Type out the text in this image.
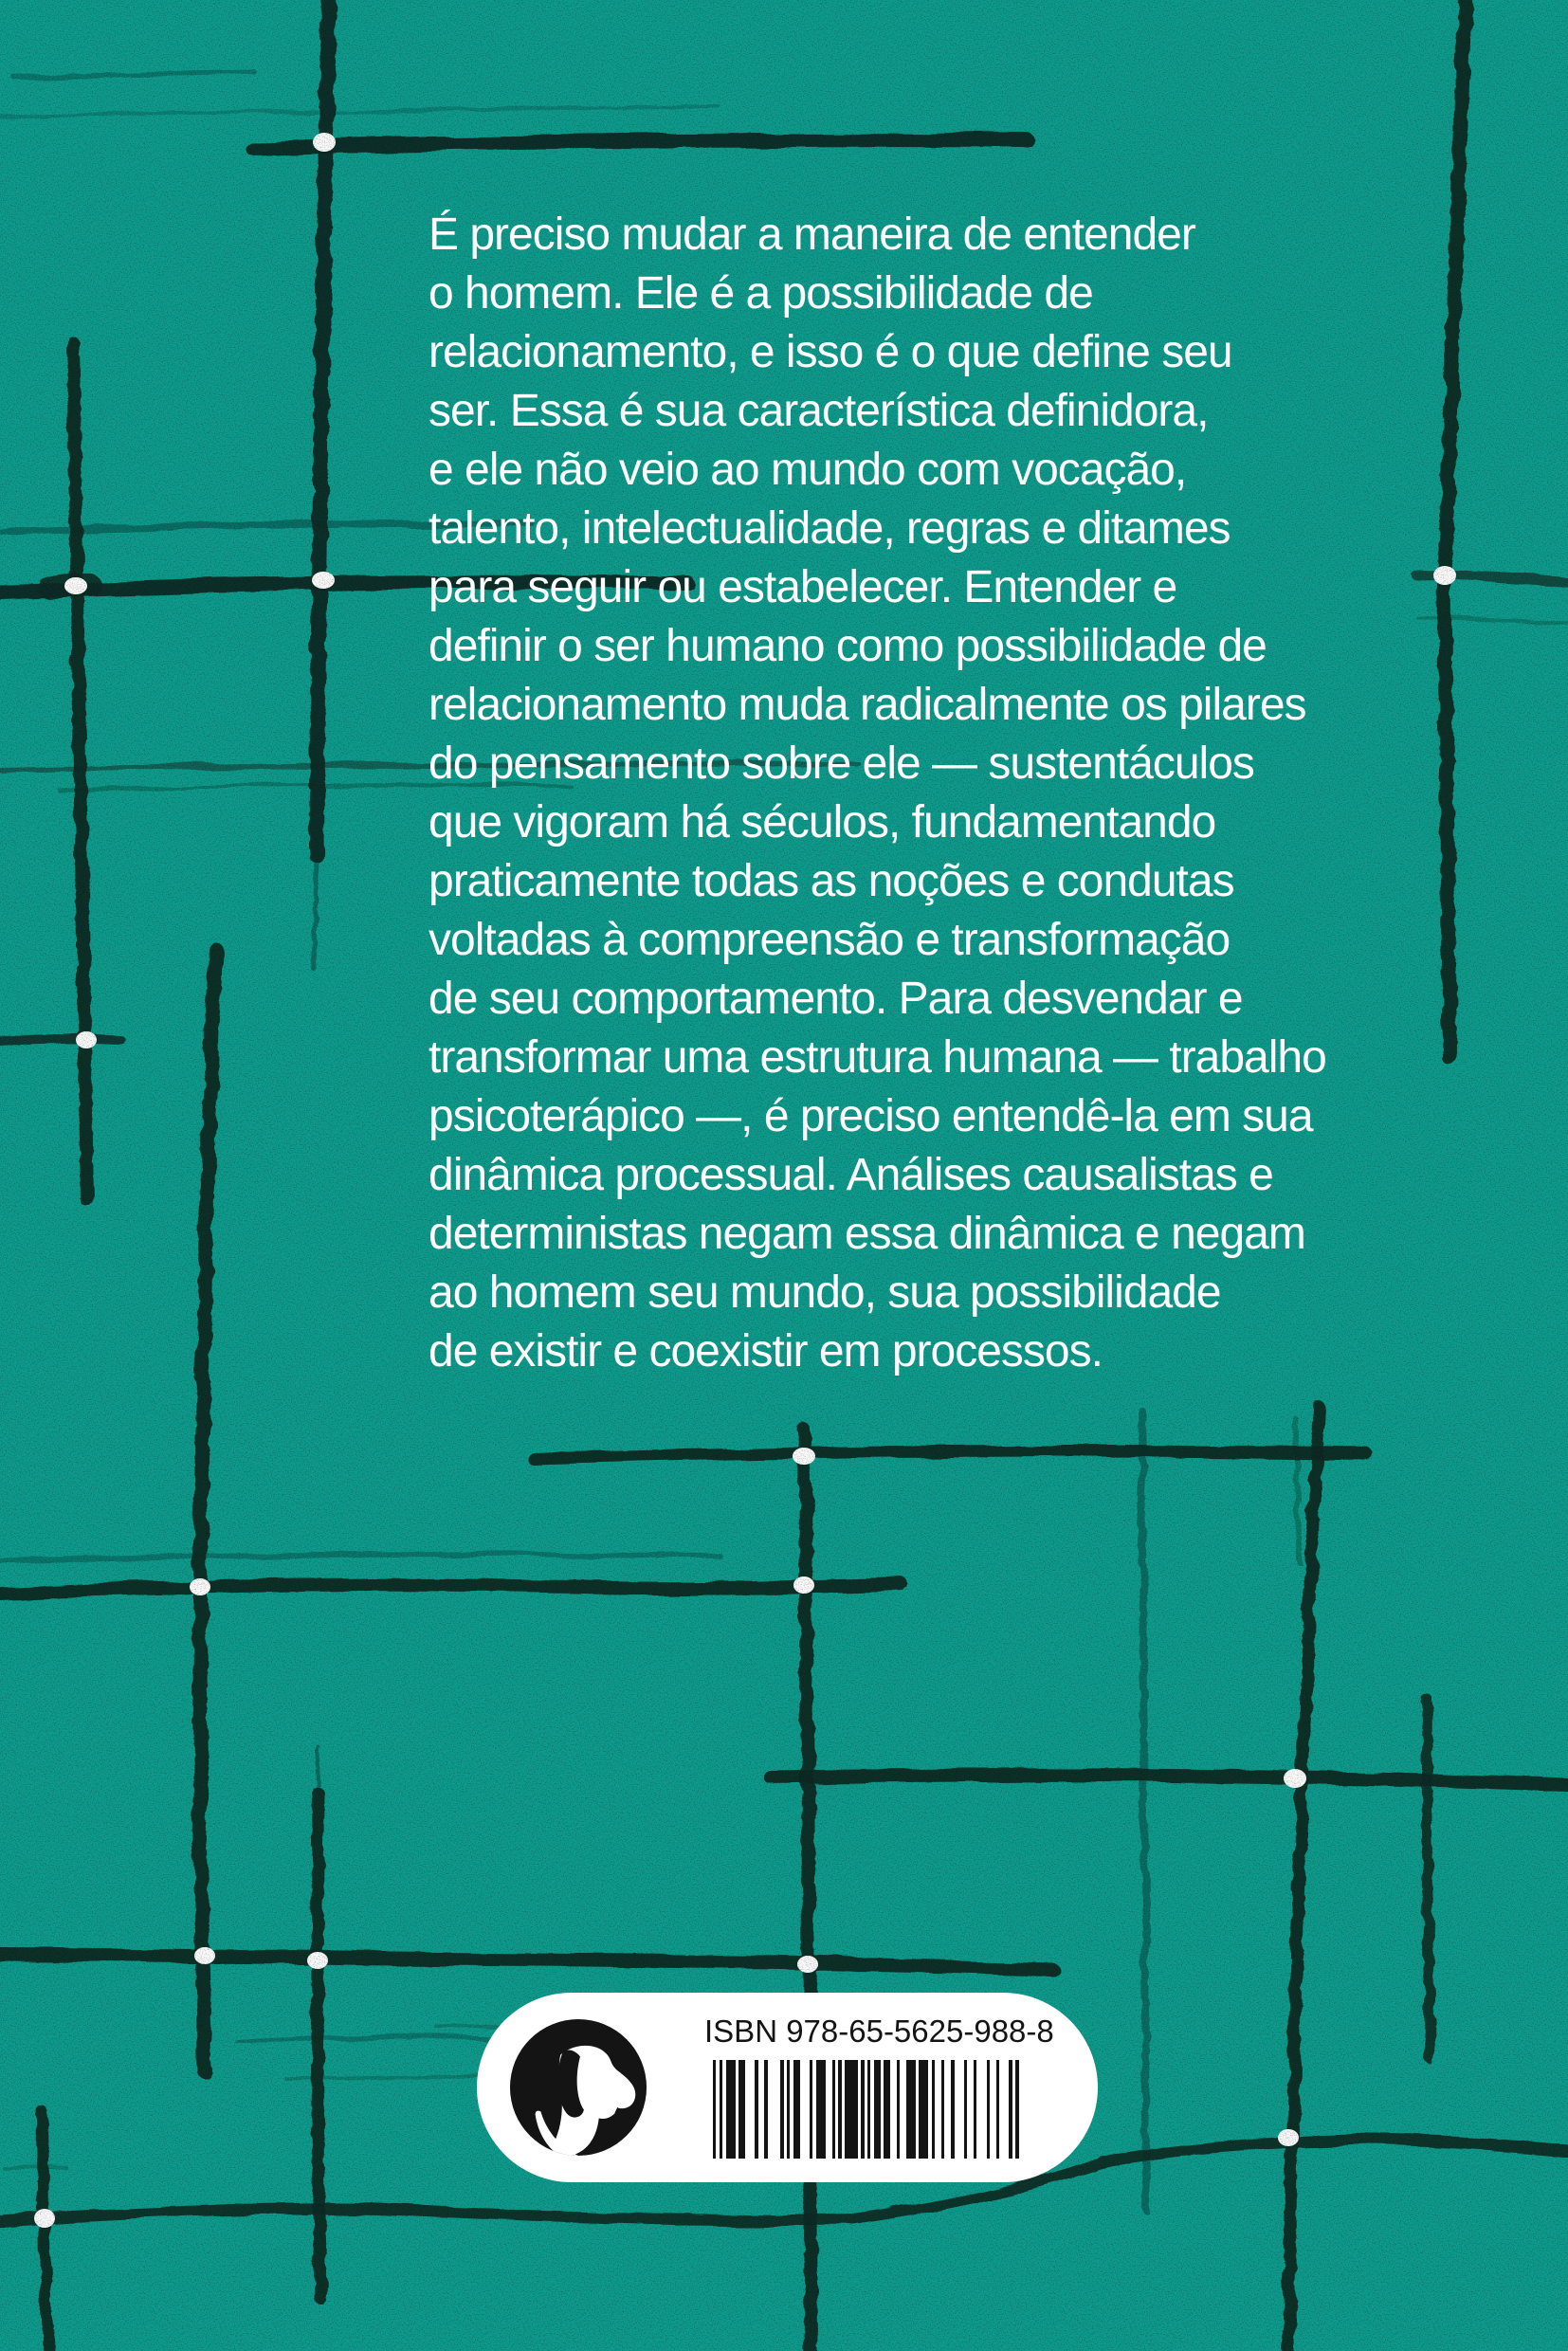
É preciso mudar a maneira de entender
o homem. Ele é a possibilidade de
relacionamento, e isso é o que define seu
ser. Essa é sua característica definidora,
e ele não veio ao mundo com vocação,
talento, intelectualidade, regras e ditames
para seguir ou estabelecer. Entender e
definir o ser humano como possibilidade de
relacionamento muda radicalmente os pilares
do pensamento sobre ele — sustentáculos
que vigoram há séculos, fundamentando
praticamente todas as noções e condutas
voltadas à compreensão e transformação
de seu comportamento. Para desvendar e
transformar uma estrutura humana — trabalho
psicoterápico —, é preciso entendê-la em sua
dinâmica processual. Análises causalistas e
deterministas negam essa dinâmica e negam
ao homem seu mundo, sua possibilidade
de existir e coexistir em processos.
ISBN 978-65-5625-988-8
